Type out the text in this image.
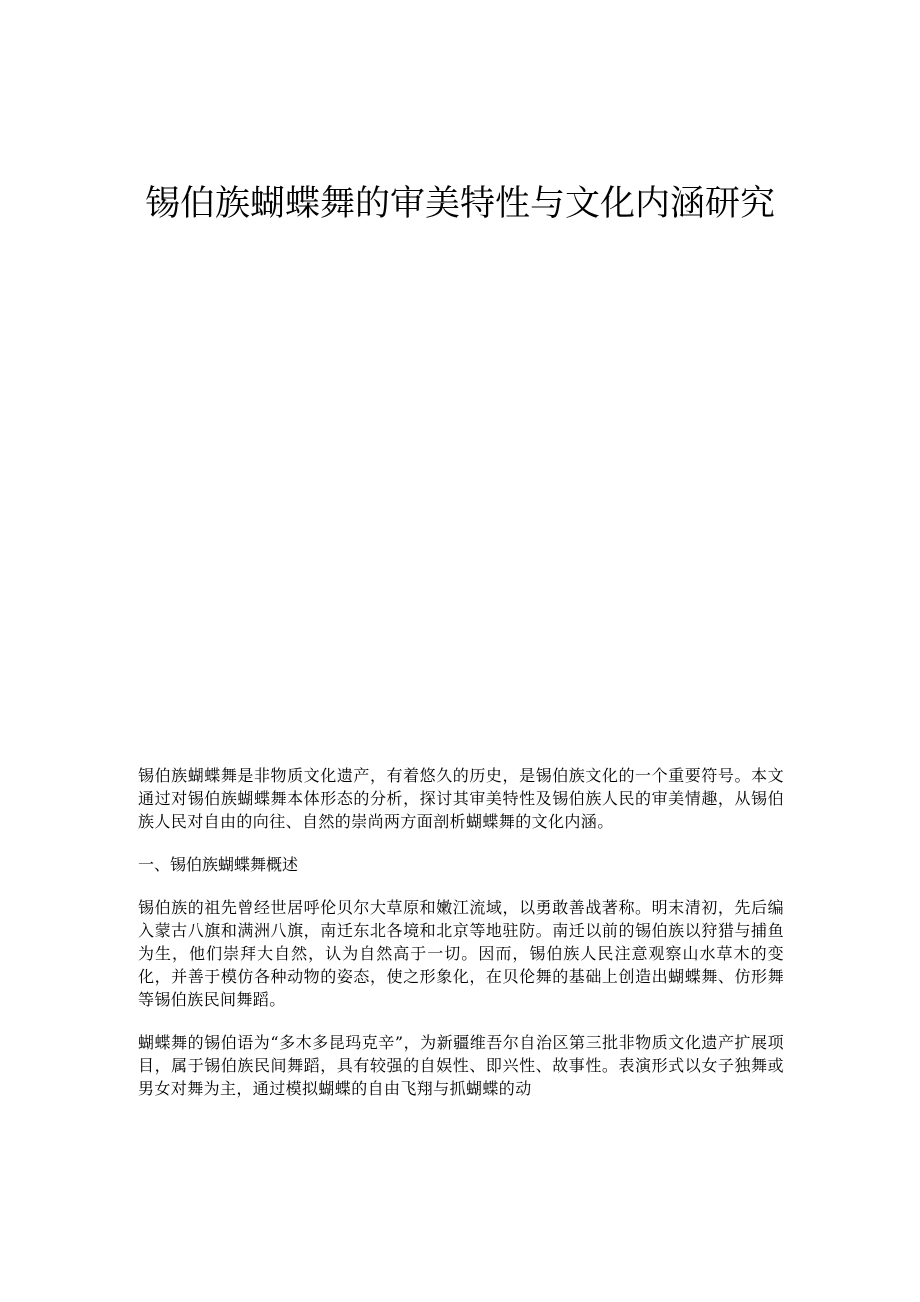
锡伯族蝴蝶舞的审美特性与文化内涵研究

锡伯族蝴蝶舞是非物质文化遗产，有着悠久的历史，是锡伯族文化的一个重要符号。本文通过对锡伯族蝴蝶舞本体形态的分析，探讨其审美特性及锡伯族人民的审美情趣，从锡伯族人民对自由的向往、自然的崇尚两方面剖析蝴蝶舞的文化内涵。

一、锡伯族蝴蝶舞概述

锡伯族的祖先曾经世居呼伦贝尔大草原和嫩江流域，以勇敢善战著称。明末清初，先后编入蒙古八旗和满洲八旗，南迁东北各境和北京等地驻防。南迁以前的锡伯族以狩猎与捕鱼为生，他们崇拜大自然，认为自然高于一切。因而，锡伯族人民注意观察山水草木的变化，并善于模仿各种动物的姿态，使之形象化，在贝伦舞的基础上创造出蝴蝶舞、仿形舞等锡伯族民间舞蹈。

蝴蝶舞的锡伯语为“多木多昆玛克辛”，为新疆维吾尔自治区第三批非物质文化遗产扩展项目，属于锡伯族民间舞蹈，具有较强的自娱性、即兴性、故事性。表演形式以女子独舞或男女对舞为主，通过模拟蝴蝶的自由飞翔与抓蝴蝶的动
